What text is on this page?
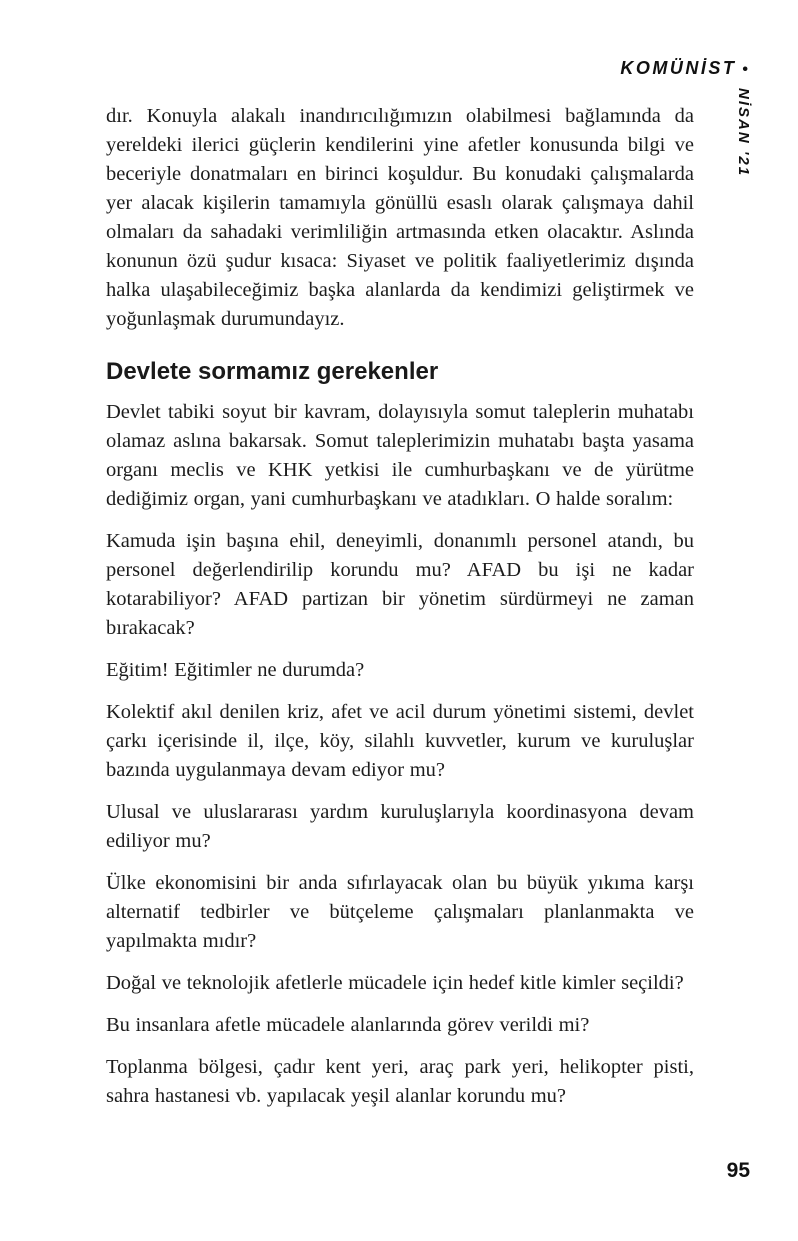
KOMÜNİST •
NİSAN '21

dır. Konuyla alakalı inandırıcılığımızın olabilmesi bağlamında da yereldeki ilerici güçlerin kendilerini yine afetler konusunda bilgi ve beceriyle donatmaları en birinci koşuldur. Bu konudaki çalışmalarda yer alacak kişilerin tamamıyla gönüllü esaslı olarak çalışmaya dahil olmaları da sahadaki verimliliğin artmasında etken olacaktır. Aslında konunun özü şudur kısaca: Siyaset ve politik faaliyetlerimiz dışında halka ulaşabileceğimiz başka alanlarda da kendimizi geliştirmek ve yoğunlaşmak durumundayız.

Devlete sormamız gerekenler

Devlet tabiki soyut bir kavram, dolayısıyla somut taleplerin muhatabı olamaz aslına bakarsak. Somut taleplerimizin muhatabı başta yasama organı meclis ve KHK yetkisi ile cumhurbaşkanı ve de yürütme dediğimiz organ, yani cumhurbaşkanı ve atadıkları. O halde soralım:

Kamuda işin başına ehil, deneyimli, donanımlı personel atandı, bu personel değerlendirilip korundu mu? AFAD bu işi ne kadar kotarabiliyor? AFAD partizan bir yönetim sürdürmeyi ne zaman bırakacak?

Eğitim! Eğitimler ne durumda?

Kolektif akıl denilen kriz, afet ve acil durum yönetimi sistemi, devlet çarkı içerisinde il, ilçe, köy, silahlı kuvvetler, kurum ve kuruluşlar bazında uygulanmaya devam ediyor mu?

Ulusal ve uluslararası yardım kuruluşlarıyla koordinasyona devam ediliyor mu?

Ülke ekonomisini bir anda sıfırlayacak olan bu büyük yıkıma karşı alternatif tedbirler ve bütçeleme çalışmaları planlanmakta ve yapılmakta mıdır?

Doğal ve teknolojik afetlerle mücadele için hedef kitle kimler seçildi?

Bu insanlara afetle mücadele alanlarında görev verildi mi?

Toplanma bölgesi, çadır kent yeri, araç park yeri, helikopter pisti, sahra hastanesi vb. yapılacak yeşil alanlar korundu mu?

95
